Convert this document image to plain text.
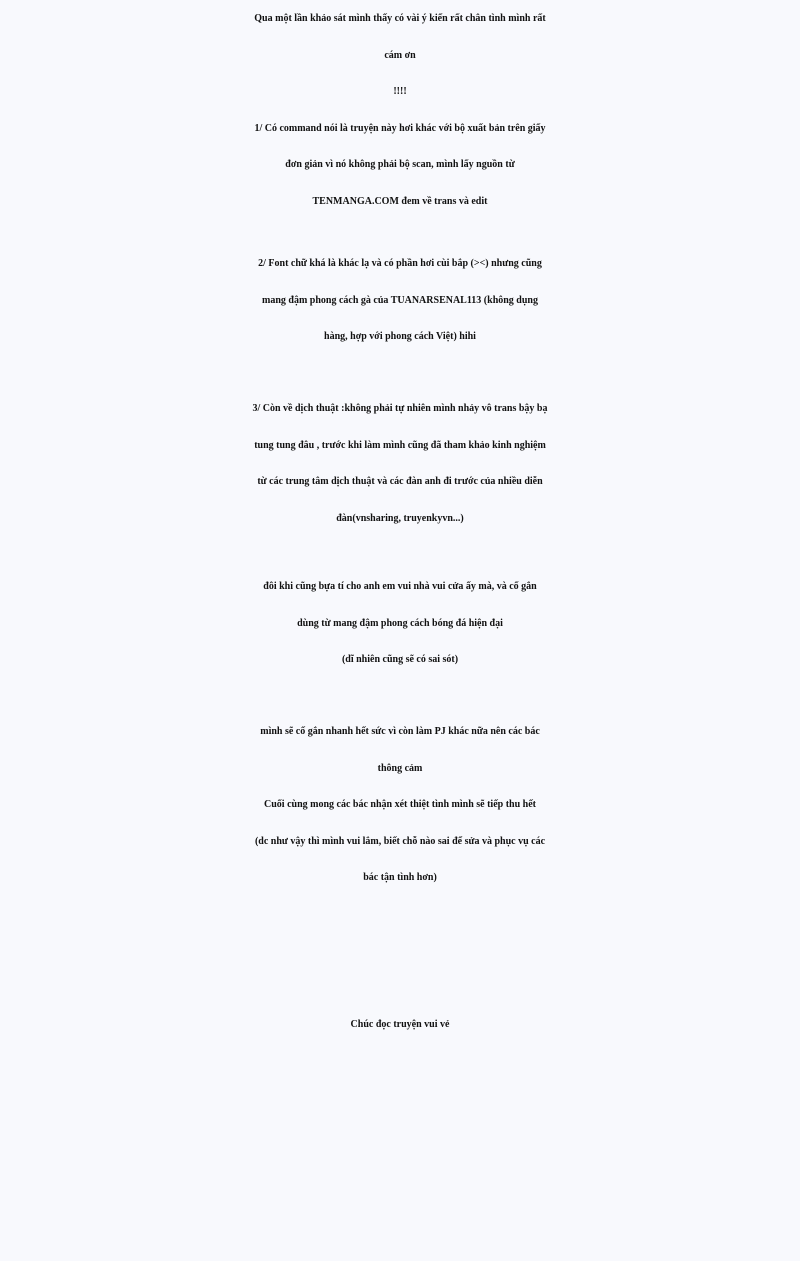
Qua một lần khảo sát mình thấy có vài ý kiến rất chân tình mình rất
cám ơn
!!!!
1/ Có command nói là truyện này hơi khác với bộ xuất bản trên giấy
đơn giản vì nó không phải bộ scan, mình lấy nguồn từ
TENMANGA.COM đem về trans và edit
2/ Font chữ khá là khác lạ và có phần hơi cùi bắp (><) nhưng cũng
mang đậm phong cách gà của TUANARSENAL113 (không dụng
hàng, hợp với phong cách Việt) hihi
3/ Còn về dịch thuật :không phải tự nhiên mình nhảy vô trans bậy bạ
tung tung đâu , trước khi làm mình cũng đã tham khảo kinh nghiệm
từ các trung tâm dịch thuật và các đàn anh đi trước của nhiều diễn
đàn(vnsharing, truyenkyvn...)
đôi khi cũng bựa tí cho anh em vui nhà vui cửa ấy mà, và cố gắn
dùng từ mang đậm phong cách bóng đá hiện đại
(dĩ nhiên cũng sẽ có sai sót)
mình sẽ cố gắn nhanh hết sức vì còn làm PJ khác nữa nên các bác
thông cảm
Cuối cùng mong các bác nhận xét thiệt tình mình sẽ tiếp thu hết
(dc như vậy thì mình vui lắm, biết chỗ nào sai để sửa và phục vụ các
bác tận tình hơn)
Chúc đọc truyện vui vẻ
